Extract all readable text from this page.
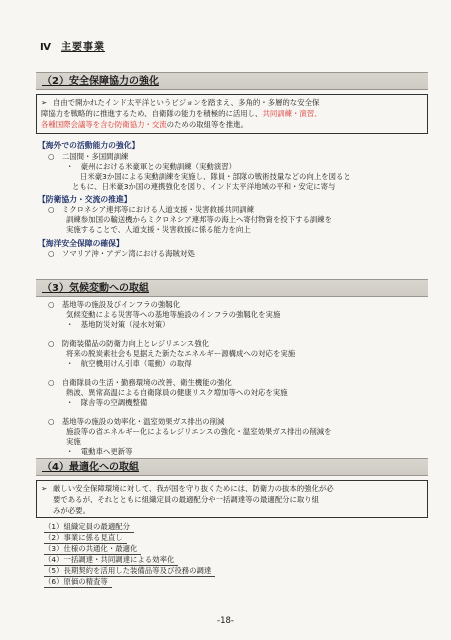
Ⅳ 主要事業
（2）安全保障協力の強化
➢ 自由で開かれたインド太平洋というビジョンを踏まえ、多角的・多層的な安全保
障協力を戦略的に推進するため、自衛隊の能力を積極的に活用し、共同訓練・演習、
各種国際会議等を含む防衛協力・交流のための取組等を推進。
【海外での活動能力の強化】
○　二国間・多国間訓練
・　豪州における米豪軍との実動訓練（実動演習）
日米豪3か国による実動訓練を実施し、隊員・部隊の戦術技量などの向上を図ると
ともに、日米豪3か国の連携強化を図り、インド太平洋地域の平和・安定に寄与
【防衛協力・交流の推進】
○　ミクロネシア連邦等における人道支援・災害救援共同訓練
訓練参加国の輸送機からミクロネシア連邦等の海上へ寄付物資を投下する訓練を
実施することで、人道支援・災害救援に係る能力を向上
【海洋安全保障の確保】
○　ソマリア沖・アデン湾における海賊対処
（3）気候変動への取組
○　基地等の施設及びインフラの強靱化
気候変動による災害等への基地等施設のインフラの強靱化を実施
・　基地防災対策（浸水対策）
○　防衛装備品の防衛力向上とレジリエンス強化
将来の脱炭素社会も見据えた新たなエネルギー源構成への対応を実施
・　航空機用けん引車（電動）の取得
○　自衛隊員の生活・勤務環境の改善、衛生機能の強化
熱波、異常高温による自衛隊員の健康リスク増加等への対応を実施
・　隊舎等の空調機整備
○　基地等の施設の効率化・温室効果ガス排出の削減
施設等の省エネルギー化によるレジリエンスの強化・温室効果ガス排出の削減を
実施
・　電動車へ更新等
（4）最適化への取組
➢ 厳しい安全保障環境に対して、我が国を守り抜くためには、防衛力の抜本的強化が必
要であるが、それとともに組織定員の最適配分や一括調達等の最適配分に取り組
みが必要。
（1）組織定員の最適配分
（2）事業に係る見直し
（3）仕様の共通化・最適化
（4）一括調達・共同調達による効率化
（5）長期契約を活用した装備品等及び役務の調達
（6）原価の精査等
-18-
